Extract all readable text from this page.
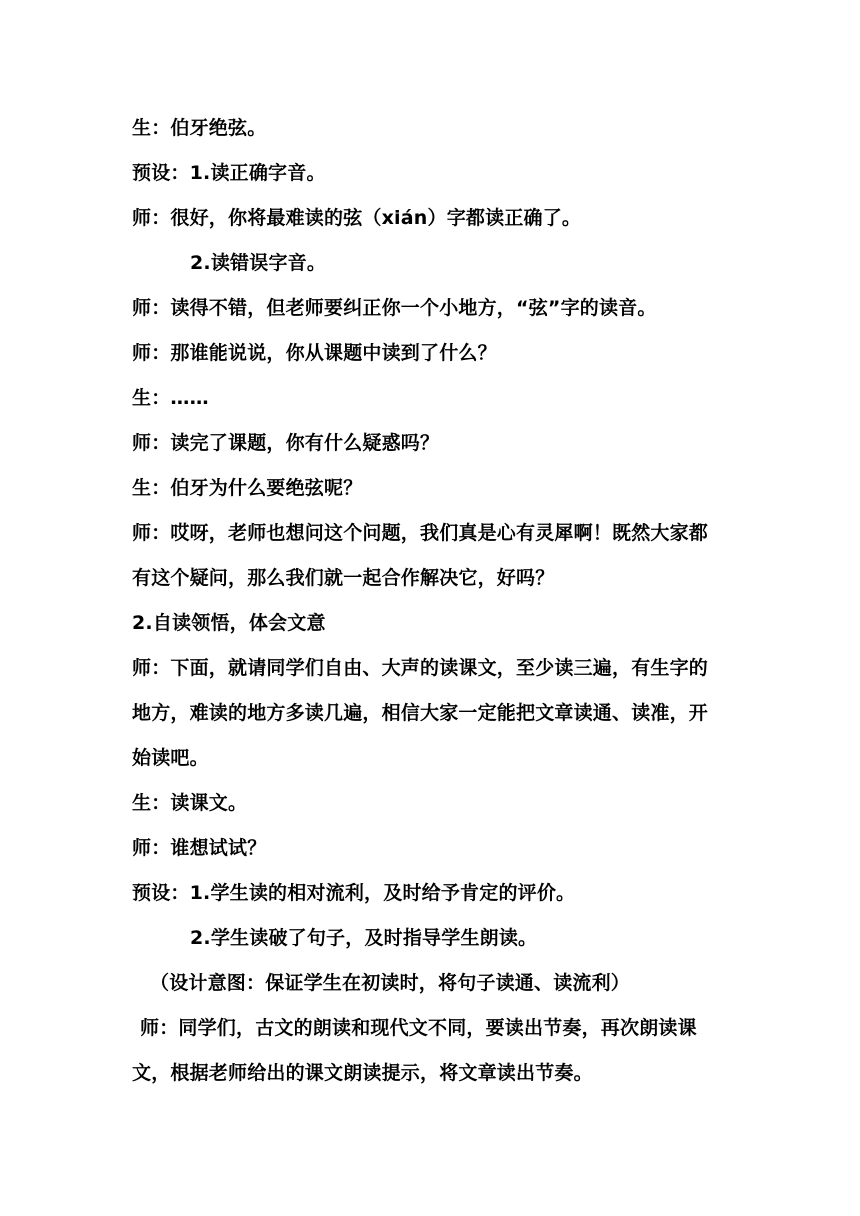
生：伯牙绝弦。
预设：1.读正确字音。
师：很好，你将最难读的弦（xián）字都读正确了。
2.读错误字音。
师：读得不错，但老师要纠正你一个小地方，“弦”字的读音。
师：那谁能说说，你从课题中读到了什么？
生：……
师：读完了课题，你有什么疑惑吗？
生：伯牙为什么要绝弦呢？
师：哎呀，老师也想问这个问题，我们真是心有灵犀啊！既然大家都
有这个疑问，那么我们就一起合作解决它，好吗？
2.自读领悟，体会文意
师：下面，就请同学们自由、大声的读课文，至少读三遍，有生字的
地方，难读的地方多读几遍，相信大家一定能把文章读通、读准，开
始读吧。
生：读课文。
师：谁想试试？
预设：1.学生读的相对流利，及时给予肯定的评价。
2.学生读破了句子，及时指导学生朗读。
（设计意图：保证学生在初读时，将句子读通、读流利）
师：同学们，古文的朗读和现代文不同，要读出节奏，再次朗读课
文，根据老师给出的课文朗读提示，将文章读出节奏。
